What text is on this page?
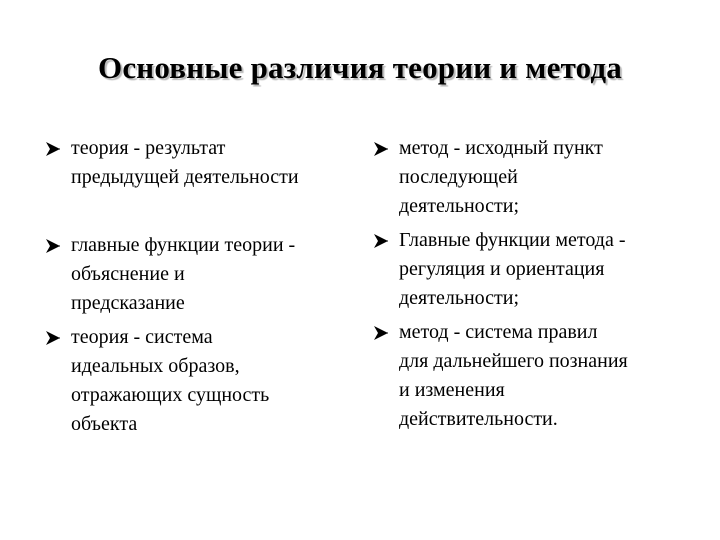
Основные различия теории и метода
теория - результат
предыдущей деятельности
главные функции теории -
объяснение и
предсказание
теория - система
идеальных образов,
отражающих сущность
объекта
метод - исходный пункт
последующей
деятельности;
Главные функции метода -
регуляция и ориентация
деятельности;
метод - система правил
для дальнейшего познания
и изменения
действительности.
